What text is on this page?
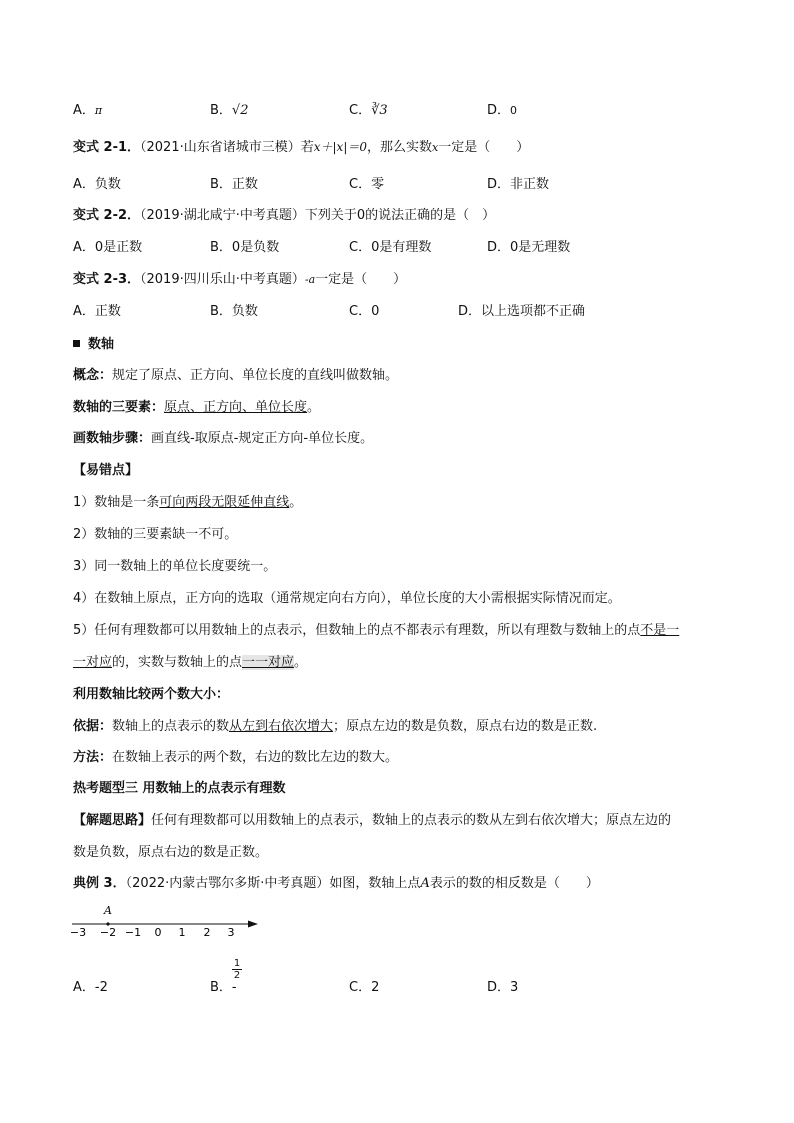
A．π	B．√2	C．∛3	D．0
变式 2-1．（2021·山东省诸城市三模）若x＋|x|＝0，那么实数x一定是（　　）
A．负数	B．正数	C．零	D．非正数
变式 2-2．（2019·湖北咸宁·中考真题）下列关于0的说法正确的是（　）
A．0是正数	B．0是负数	C．0是有理数	D．0是无理数
变式 2-3．（2019·四川乐山·中考真题）-a一定是（　　）
A．正数	B．负数	C．0	D．以上选项都不正确
数轴
概念：规定了原点、正方向、单位长度的直线叫做数轴。
数轴的三要素：原点、正方向、单位长度。
画数轴步骤：画直线-取原点-规定正方向-单位长度。
【易错点】
1）数轴是一条可向两段无限延伸直线。
2）数轴的三要素缺一不可。
3）同一数轴上的单位长度要统一。
4）在数轴上原点，正方向的选取（通常规定向右方向），单位长度的大小需根据实际情况而定。
5）任何有理数都可以用数轴上的点表示，但数轴上的点不都表示有理数，所以有理数与数轴上的点不是一
一对应的，实数与数轴上的点一一对应。
利用数轴比较两个数大小：
依据：数轴上的点表示的数从左到右依次增大；原点左边的数是负数，原点右边的数是正数.
方法：在数轴上表示的两个数，右边的数比左边的数大。
热考题型三 用数轴上的点表示有理数
【解题思路】任何有理数都可以用数轴上的点表示，数轴上的点表示的数从左到右依次增大；原点左边的
数是负数，原点右边的数是正数。
典例 3．（2022·内蒙古鄂尔多斯·中考真题）如图，数轴上点A表示的数的相反数是（　　）
A
−3 −2 −1 0 1 2 3
A．-2	B．-
1
2
C．2	D．3
